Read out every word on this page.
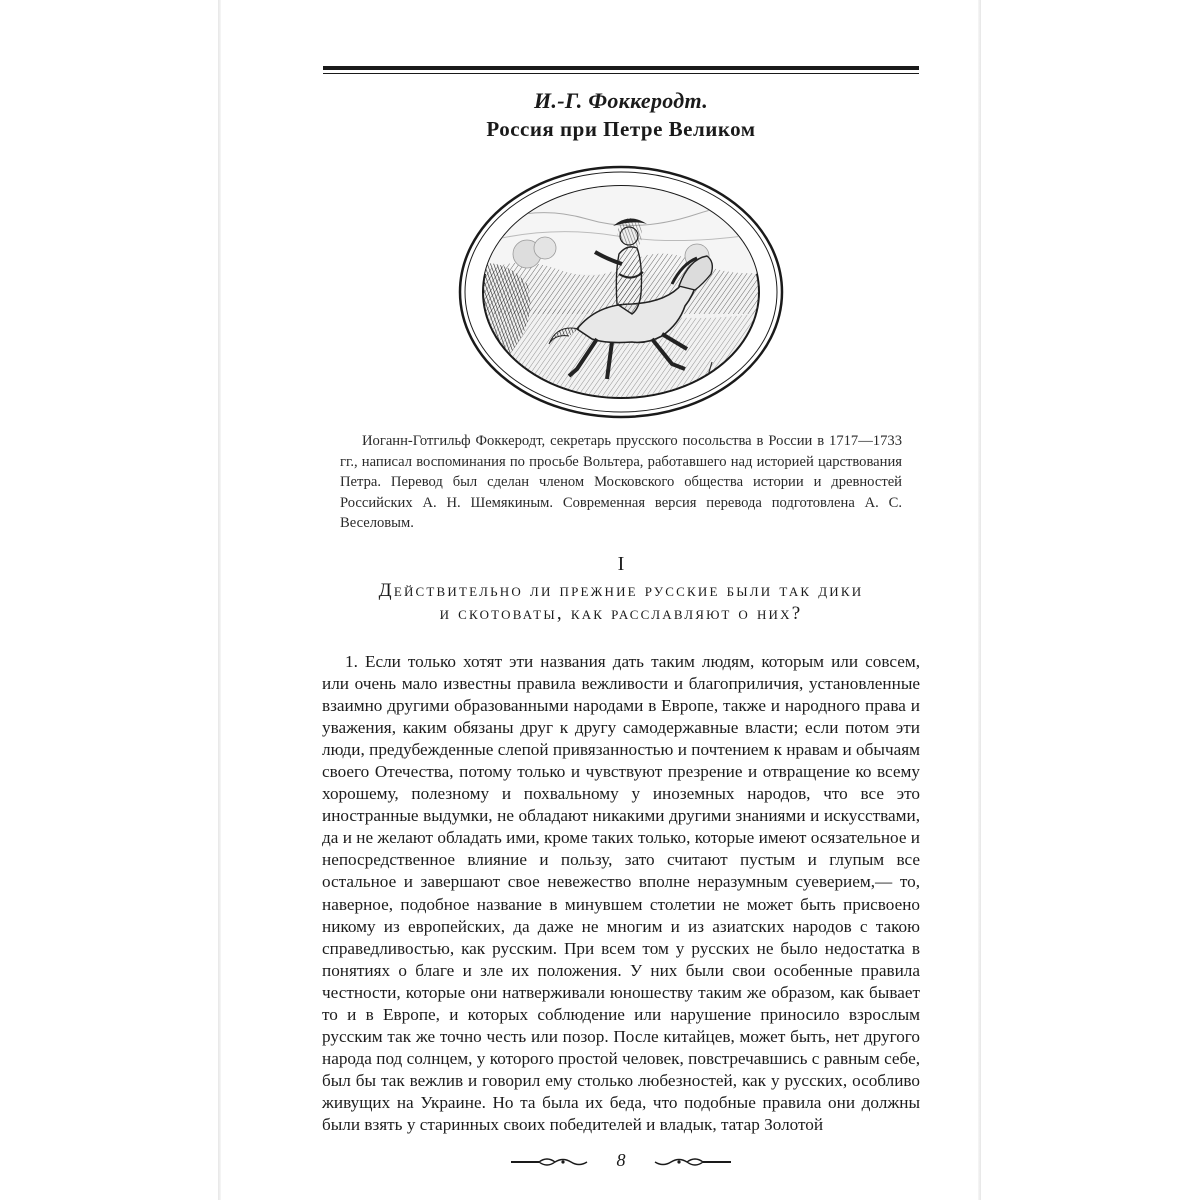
И.-Г. Фоккеродт.
Россия при Петре Великом

Иоганн-Готгильф Фоккеродт, секретарь прусского посольства в России в 1717—1733 гг., написал воспоминания по просьбе Вольтера, работавшего над историей царствования Петра. Перевод был сделан членом Московского общества истории и древностей Российских А. Н. Шемякиным. Современная версия перевода подготовлена А. С. Веселовым.

I
Действительно ли прежние русские были так дики
и скотоваты, как расславляют о них?

1. Если только хотят эти названия дать таким людям, которым или совсем, или очень мало известны правила вежливости и благоприличия, установленные взаимно другими образованными народами в Европе, также и народного права и уважения, каким обязаны друг к другу самодержавные власти; если потом эти люди, предубежденные слепой привязанностью и почтением к нравам и обычаям своего Отечества, потому только и чувствуют презрение и отвращение ко всему хорошему, полезному и похвальному у иноземных народов, что все это иностранные выдумки, не обладают никакими другими знаниями и искусствами, да и не желают обладать ими, кроме таких только, которые имеют осязательное и непосредственное влияние и пользу, зато считают пустым и глупым все остальное и завершают свое невежество вполне неразумным суеверием,— то, наверное, подобное название в минувшем столетии не может быть присвоено никому из европейских, да даже не многим и из азиатских народов с такою справедливостью, как русским. При всем том у русских не было недостатка в понятиях о благе и зле их положения. У них были свои особенные правила честности, которые они натверживали юношеству таким же образом, как бывает то и в Европе, и которых соблюдение или нарушение приносило взрослым русским так же точно честь или позор. После китайцев, может быть, нет другого народа под солнцем, у которого простой человек, повстречавшись с равным себе, был бы так вежлив и говорил ему столько любезностей, как у русских, особливо живущих на Украине. Но та была их беда, что подобные правила они должны были взять у старинных своих победителей и владык, татар Золотой

8
